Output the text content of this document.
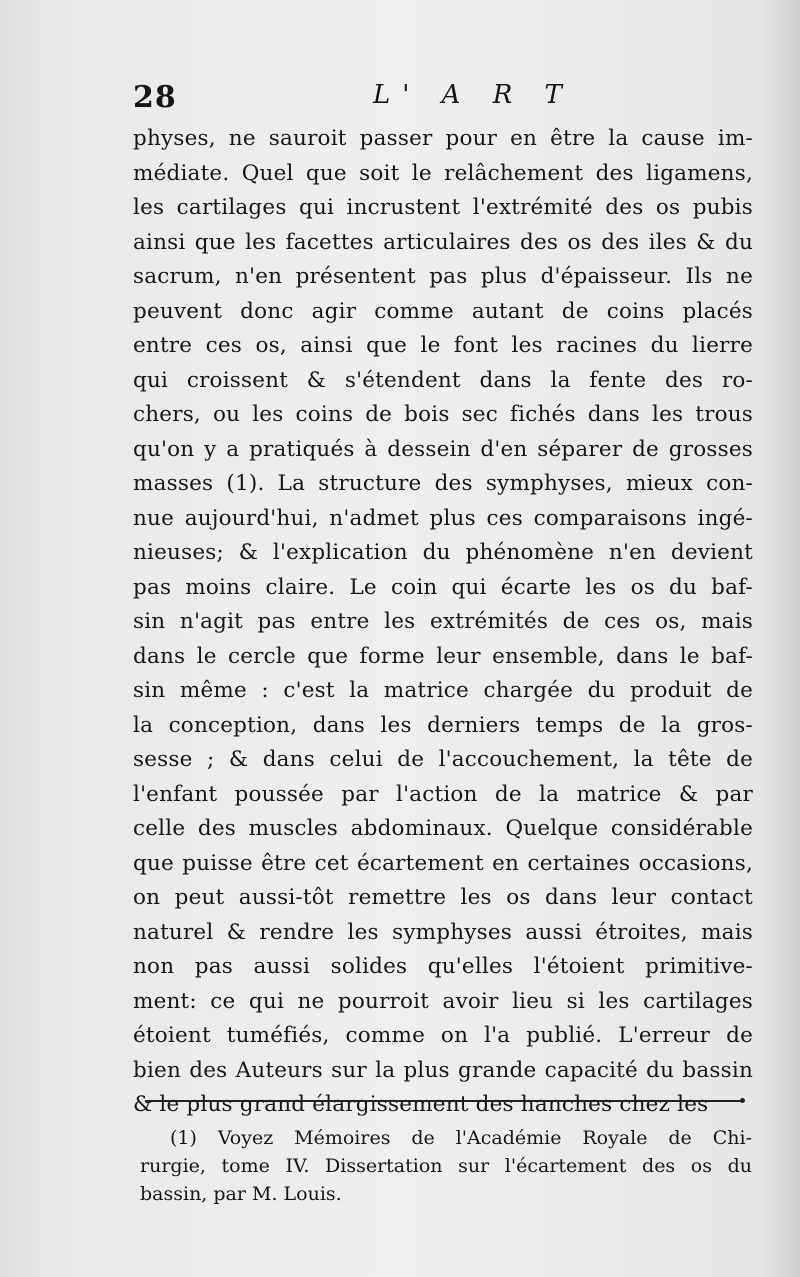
28	L' A R T
physes, ne sauroit passer pour en être la cause im-
médiate. Quel que soit le relâchement des ligamens,
les cartilages qui incrustent l'extrémité des os pubis
ainsi que les facettes articulaires des os des iles & du
sacrum, n'en présentent pas plus d'épaisseur. Ils ne
peuvent donc agir comme autant de coins placés
entre ces os, ainsi que le font les racines du lierre
qui croissent & s'étendent dans la fente des ro-
chers, ou les coins de bois sec fichés dans les trous
qu'on y a pratiqués à dessein d'en séparer de grosses
masses (1). La structure des symphyses, mieux con-
nue aujourd'hui, n'admet plus ces comparaisons ingé-
nieuses; & l'explication du phénomène n'en devient
pas moins claire. Le coin qui écarte les os du baf-
sin n'agit pas entre les extrémités de ces os, mais
dans le cercle que forme leur ensemble, dans le baf-
sin même : c'est la matrice chargée du produit de
la conception, dans les derniers temps de la gros-
sesse ; & dans celui de l'accouchement, la tête de
l'enfant poussée par l'action de la matrice & par
celle des muscles abdominaux. Quelque considérable
que puisse être cet écartement en certaines occasions,
on peut aussi-tôt remettre les os dans leur contact
naturel & rendre les symphyses aussi étroites, mais
non pas aussi solides qu'elles l'étoient primitive-
ment: ce qui ne pourroit avoir lieu si les cartilages
étoient tuméfiés, comme on l'a publié. L'erreur de
bien des Auteurs sur la plus grande capacité du bassin
& le plus grand élargissement des hanches chez les
(1) Voyez Mémoires de l'Académie Royale de Chi-
rurgie, tome IV. Dissertation sur l'écartement des os du
bassin, par M. Louis.
